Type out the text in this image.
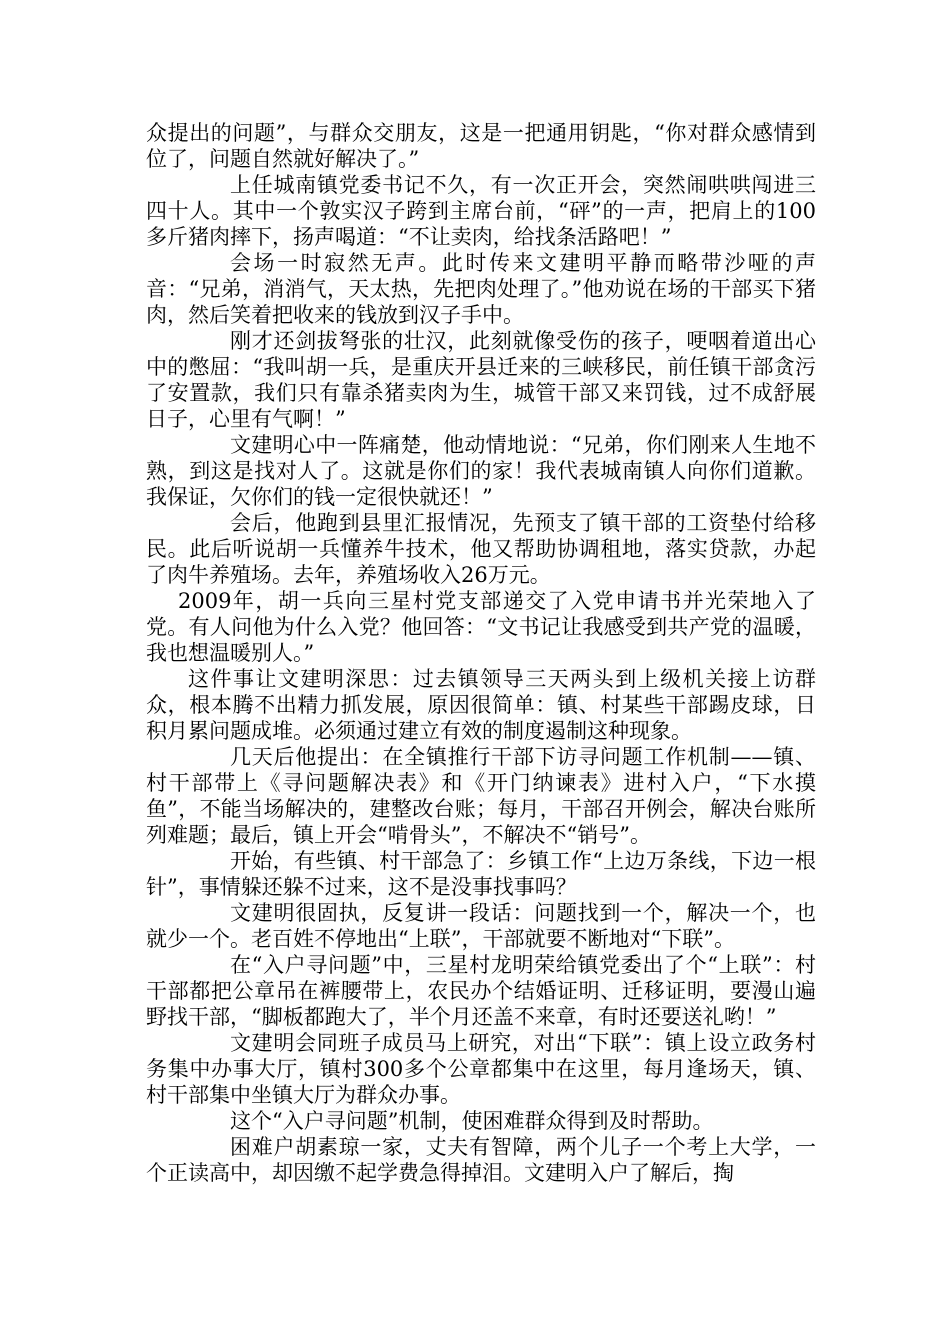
众提出的问题”，与群众交朋友，这是一把通用钥匙，“你对群众感情到位了，问题自然就好解决了。”

上任城南镇党委书记不久，有一次正开会，突然闹哄哄闯进三四十人。其中一个敦实汉子跨到主席台前，“砰”的一声，把肩上的100多斤猪肉摔下，扬声喝道：“不让卖肉，给找条活路吧！”

会场一时寂然无声。此时传来文建明平静而略带沙哑的声音：“兄弟，消消气，天太热，先把肉处理了。”他劝说在场的干部买下猪肉，然后笑着把收来的钱放到汉子手中。

刚才还剑拔弩张的壮汉，此刻就像受伤的孩子，哽咽着道出心中的憋屈：“我叫胡一兵，是重庆开县迁来的三峡移民，前任镇干部贪污了安置款，我们只有靠杀猪卖肉为生，城管干部又来罚钱，过不成舒展日子，心里有气啊！”

文建明心中一阵痛楚，他动情地说：“兄弟，你们刚来人生地不熟，到这是找对人了。这就是你们的家！我代表城南镇人向你们道歉。我保证，欠你们的钱一定很快就还！”

会后，他跑到县里汇报情况，先预支了镇干部的工资垫付给移民。此后听说胡一兵懂养牛技术，他又帮助协调租地，落实贷款，办起了肉牛养殖场。去年，养殖场收入26万元。

2009年，胡一兵向三星村党支部递交了入党申请书并光荣地入了党。有人问他为什么入党？他回答：“文书记让我感受到共产党的温暖，我也想温暖别人。”

这件事让文建明深思：过去镇领导三天两头到上级机关接上访群众，根本腾不出精力抓发展，原因很简单：镇、村某些干部踢皮球，日积月累问题成堆。必须通过建立有效的制度遏制这种现象。

几天后他提出：在全镇推行干部下访寻问题工作机制——镇、村干部带上《寻问题解决表》和《开门纳谏表》进村入户，“下水摸鱼”，不能当场解决的，建整改台账；每月，干部召开例会，解决台账所列难题；最后，镇上开会“啃骨头”，不解决不“销号”。

开始，有些镇、村干部急了：乡镇工作“上边万条线，下边一根针”，事情躲还躲不过来，这不是没事找事吗？

文建明很固执，反复讲一段话：问题找到一个，解决一个，也就少一个。老百姓不停地出“上联”，干部就要不断地对“下联”。

在“入户寻问题”中，三星村龙明荣给镇党委出了个“上联”：村干部都把公章吊在裤腰带上，农民办个结婚证明、迁移证明，要漫山遍野找干部，“脚板都跑大了，半个月还盖不来章，有时还要送礼哟！”

文建明会同班子成员马上研究，对出“下联”：镇上设立政务村务集中办事大厅，镇村300多个公章都集中在这里，每月逢场天，镇、村干部集中坐镇大厅为群众办事。

这个“入户寻问题”机制，使困难群众得到及时帮助。

困难户胡素琼一家，丈夫有智障，两个儿子一个考上大学，一个正读高中，却因缴不起学费急得掉泪。文建明入户了解后，掏
